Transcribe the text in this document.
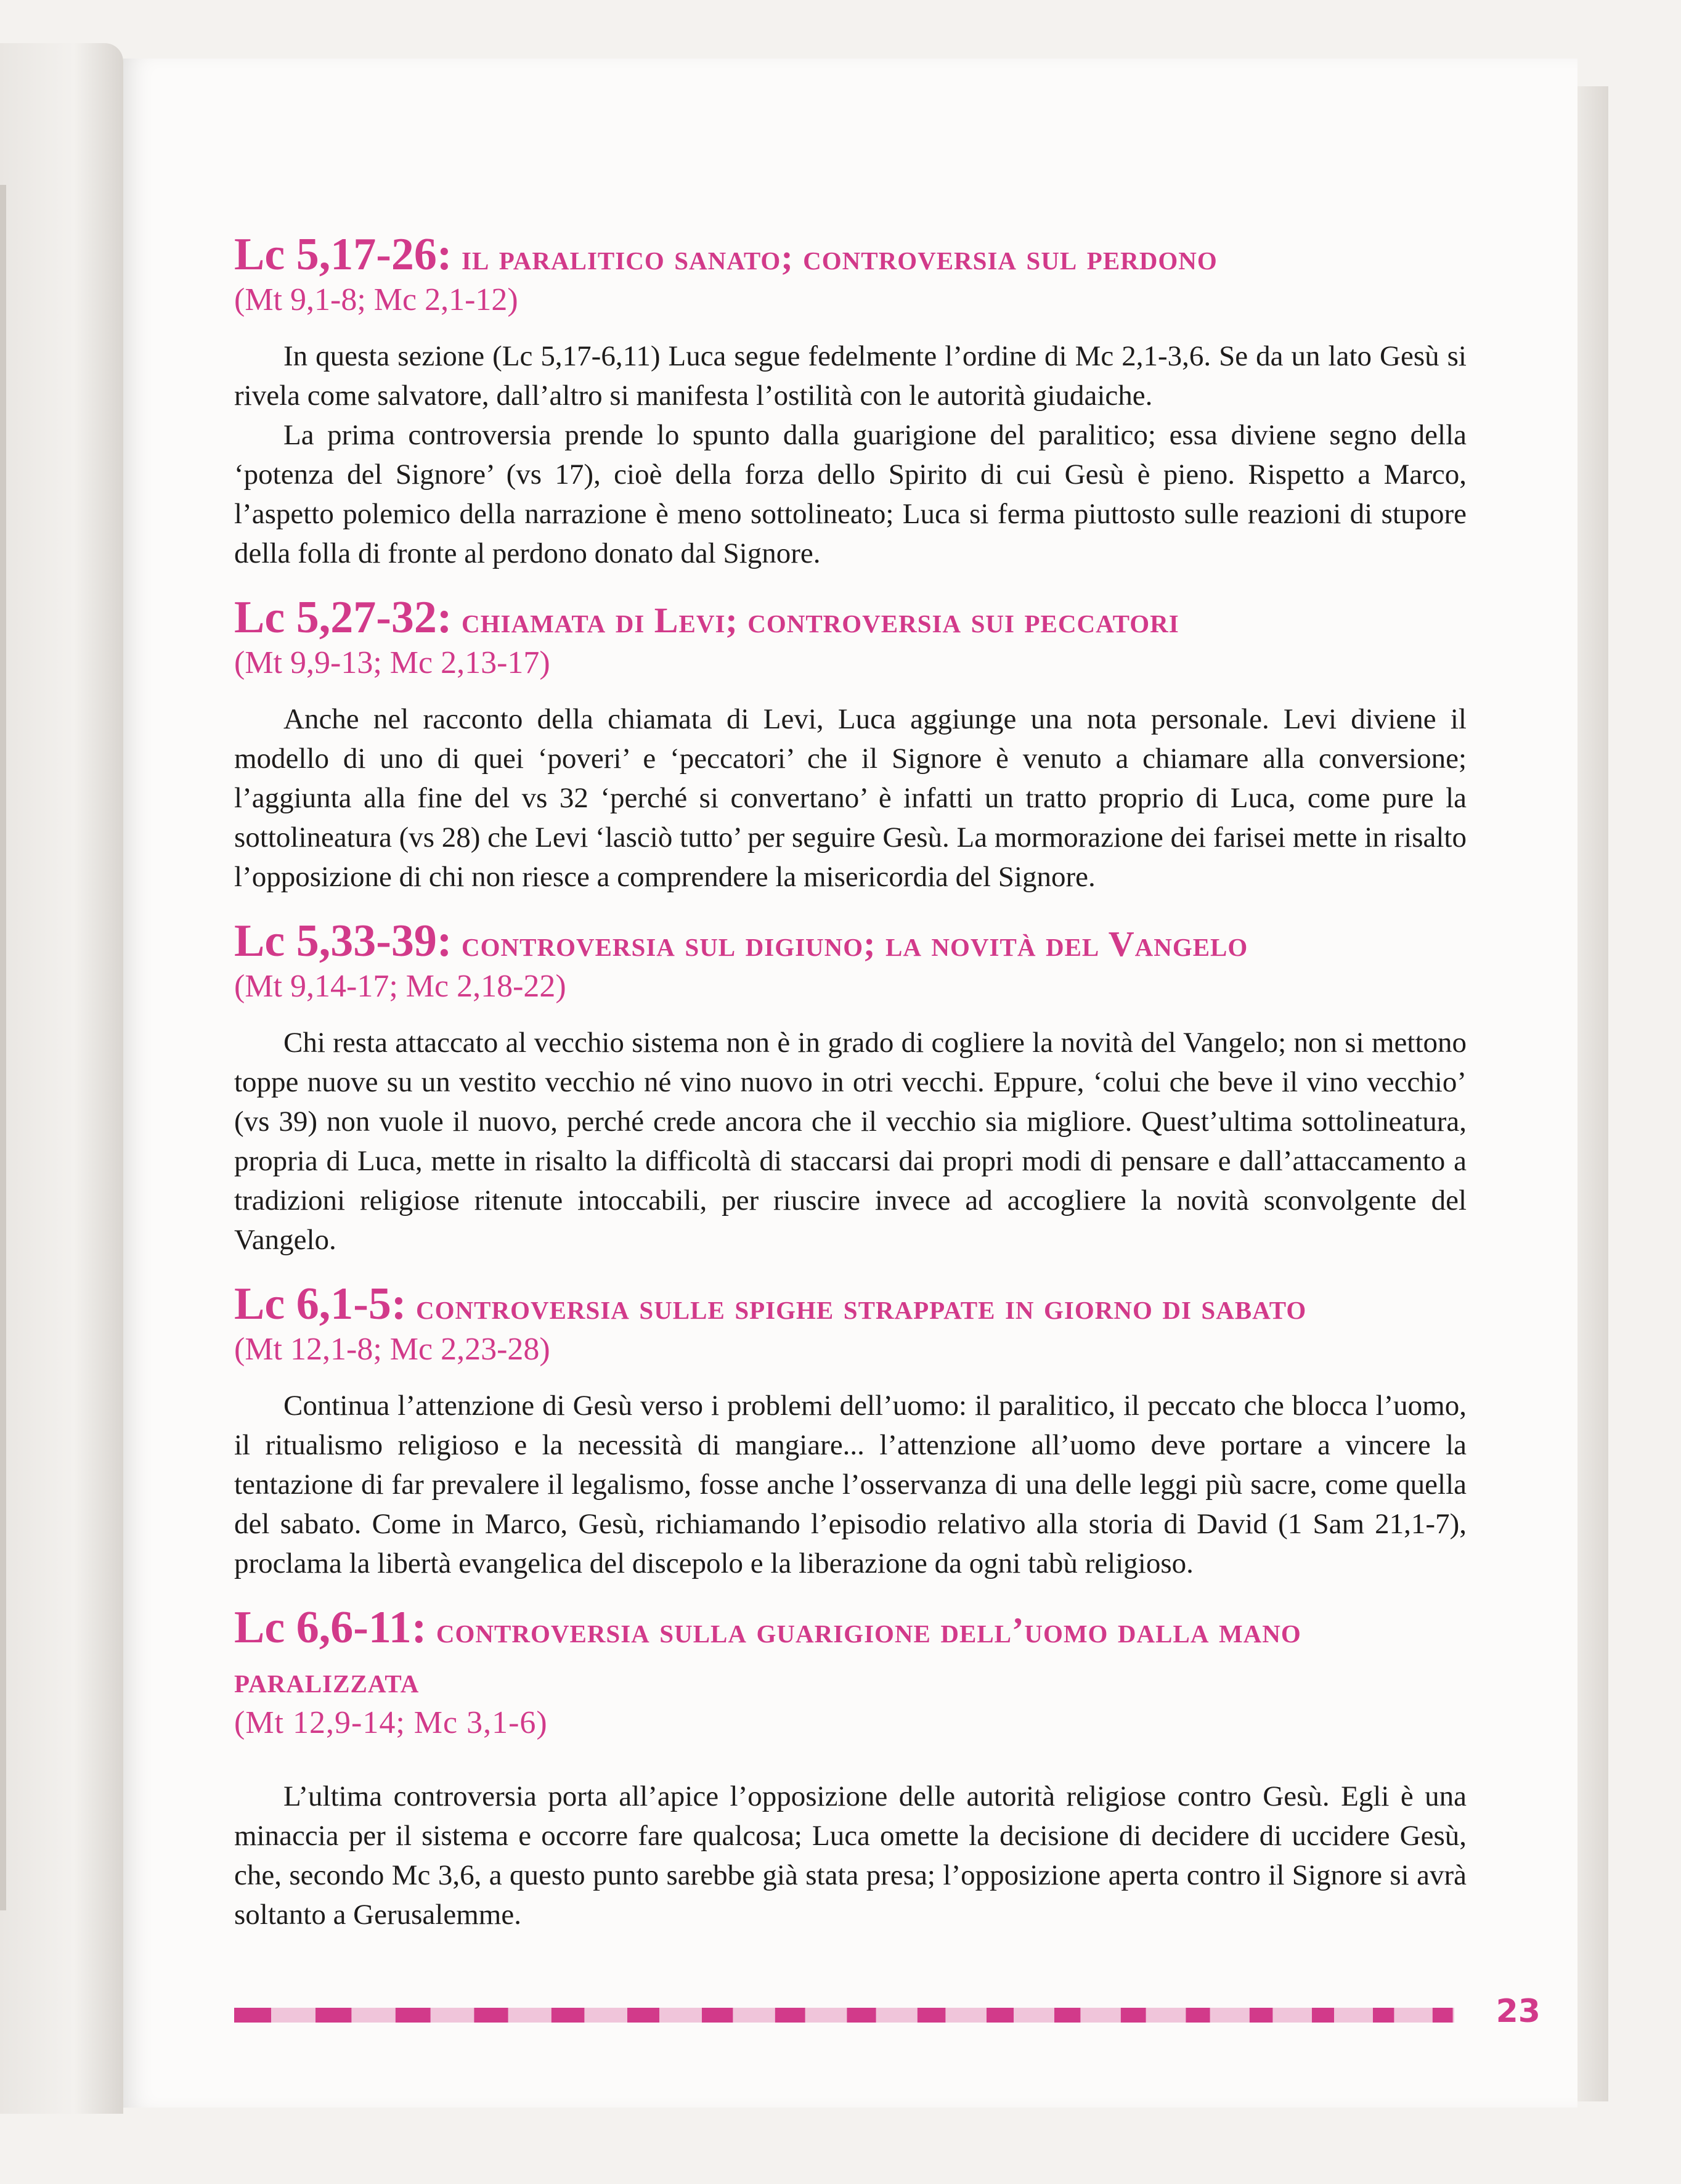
Lc 5,17-26: il paralitico sanato; controversia sul perdono
(Mt 9,1-8; Mc 2,1-12)

In questa sezione (Lc 5,17-6,11) Luca segue fedelmente l’ordine di Mc 2,1-3,6. Se da un lato Gesù si rivela come salvatore, dall’altro si manifesta l’ostilità con le autorità giudaiche.

La prima controversia prende lo spunto dalla guarigione del paralitico; essa diviene segno della ‘potenza del Signore’ (vs 17), cioè della forza dello Spirito di cui Gesù è pieno. Rispetto a Marco, l’aspetto polemico della narrazione è meno sottolineato; Luca si ferma piuttosto sulle reazioni di stupore della folla di fronte al perdono donato dal Signore.

Lc 5,27-32: chiamata di Levi; controversia sui peccatori
(Mt 9,9-13; Mc 2,13-17)

Anche nel racconto della chiamata di Levi, Luca aggiunge una nota personale. Levi diviene il modello di uno di quei ‘poveri’ e ‘peccatori’ che il Signore è venuto a chiamare alla conversione; l’aggiunta alla fine del vs 32 ‘perché si convertano’ è infatti un tratto proprio di Luca, come pure la sottolineatura (vs 28) che Levi ‘lasciò tutto’ per seguire Gesù. La mormorazione dei farisei mette in risalto l’opposizione di chi non riesce a comprendere la misericordia del Signore.

Lc 5,33-39: controversia sul digiuno; la novità del Vangelo
(Mt 9,14-17; Mc 2,18-22)

Chi resta attaccato al vecchio sistema non è in grado di cogliere la novità del Vangelo; non si mettono toppe nuove su un vestito vecchio né vino nuovo in otri vecchi. Eppure, ‘colui che beve il vino vecchio’ (vs 39) non vuole il nuovo, perché crede ancora che il vecchio sia migliore. Quest’ultima sottolineatura, propria di Luca, mette in risalto la difficoltà di staccarsi dai propri modi di pensare e dall’attaccamento a tradizioni religiose ritenute intoccabili, per riuscire invece ad accogliere la novità sconvolgente del Vangelo.

Lc 6,1-5: controversia sulle spighe strappate in giorno di sabato
(Mt 12,1-8; Mc 2,23-28)

Continua l’attenzione di Gesù verso i problemi dell’uomo: il paralitico, il peccato che blocca l’uomo, il ritualismo religioso e la necessità di mangiare... l’attenzione all’uomo deve portare a vincere la tentazione di far prevalere il legalismo, fosse anche l’osservanza di una delle leggi più sacre, come quella del sabato. Come in Marco, Gesù, richiamando l’episodio relativo alla storia di David (1 Sam 21,1-7), proclama la libertà evangelica del discepolo e la liberazione da ogni tabù religioso.

Lc 6,6-11: controversia sulla guarigione dell’uomo dalla mano paralizzata
(Mt 12,9-14; Mc 3,1-6)

L’ultima controversia porta all’apice l’opposizione delle autorità religiose contro Gesù. Egli è una minaccia per il sistema e occorre fare qualcosa; Luca omette la decisione di decidere di uccidere Gesù, che, secondo Mc 3,6, a questo punto sarebbe già stata presa; l’opposizione aperta contro il Signore si avrà soltanto a Gerusalemme.

23
